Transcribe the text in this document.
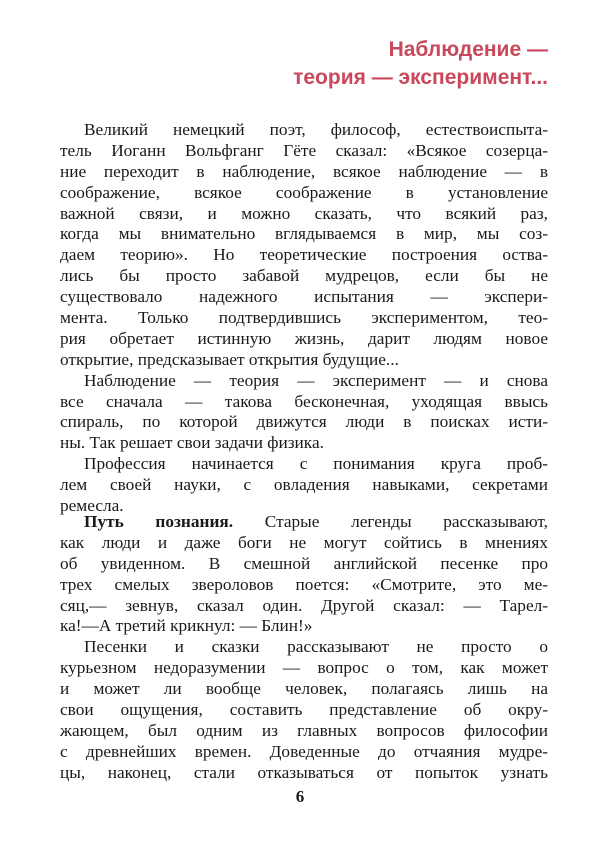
Наблюдение —
теория — эксперимент...
Великий немецкий поэт, философ, естествоиспыта-
тель Иоганн Вольфганг Гёте сказал: «Всякое созерца-
ние переходит в наблюдение, всякое наблюдение — в
соображение, всякое соображение в установление
важной связи, и можно сказать, что всякий раз,
когда мы внимательно вглядываемся в мир, мы соз-
даем теорию». Но теоретические построения оства-
лись бы просто забавой мудрецов, если бы не
существовало надежного испытания — экспери-
мента. Только подтвердившись экспериментом, тео-
рия обретает истинную жизнь, дарит людям новое
открытие, предсказывает открытия будущие...
Наблюдение — теория — эксперимент — и снова
все сначала — такова бесконечная, уходящая ввысь
спираль, по которой движутся люди в поисках исти-
ны. Так решает свои задачи физика.
Профессия начинается с понимания круга проб-
лем своей науки, с овладения навыками, секретами
ремесла.
Путь познания. Старые легенды рассказывают,
как люди и даже боги не могут сойтись в мнениях
об увиденном. В смешной английской песенке про
трех смелых звероловов поется: «Смотрите, это ме-
сяц,— зевнув, сказал один. Другой сказал: — Тарел-
ка!—А третий крикнул: — Блин!»
Песенки и сказки рассказывают не просто о
курьезном недоразумении — вопрос о том, как может
и может ли вообще человек, полагаясь лишь на
свои ощущения, составить представление об окру-
жающем, был одним из главных вопросов философии
с древнейших времен. Доведенные до отчаяния мудре-
цы, наконец, стали отказываться от попыток узнать
6
